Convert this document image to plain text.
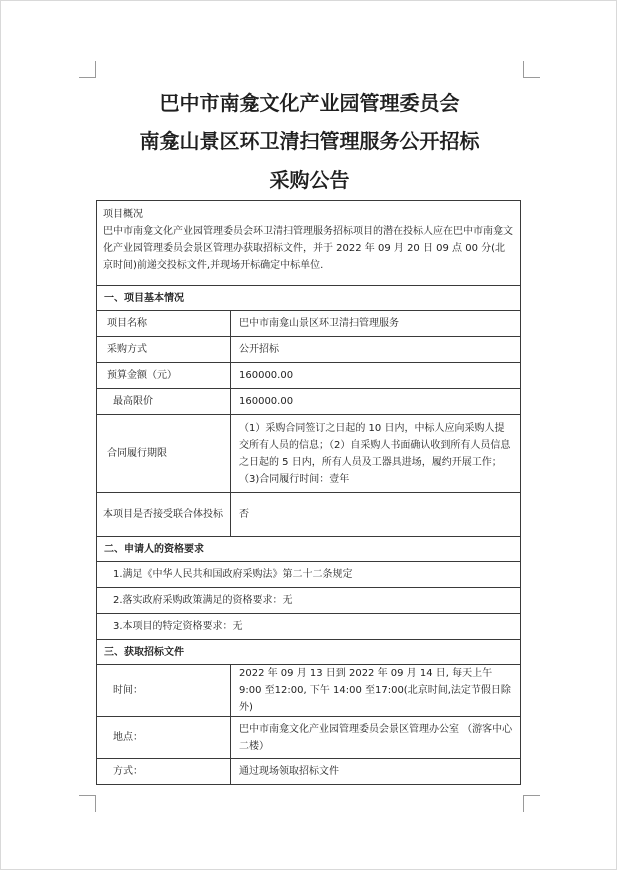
巴中市南龛文化产业园管理委员会
南龛山景区环卫清扫管理服务公开招标
采购公告
项目概况
巴中市南龛文化产业园管理委员会环卫清扫管理服务招标项目的潜在投标人应在巴中市南龛文化产业园管理委员会景区管理办获取招标文件，并于 2022 年 09 月 20 日 09 点 00 分(北京时间)前递交投标文件,并现场开标确定中标单位.	

一、项目基本情况	
项目名称	巴中市南龛山景区环卫清扫管理服务
采购方式	公开招标
预算金额（元）	160000.00
最高限价	160000.00
合同履行期限	（1）采购合同签订之日起的 10 日内，中标人应向采购人提交所有人员的信息；（2）自采购人书面确认收到所有人员信息之日起的 5 日内，所有人员及工器具进场，履约开展工作；（3)合同履行时间：壹年
本项目是否接受联合体投标	否
二、申请人的资格要求	
1.满足《中华人民共和国政府采购法》第二十二条规定	
2.落实政府采购政策满足的资格要求：无	
3.本项目的特定资格要求：无	
三、获取招标文件	
时间：	2022 年 09 月 13 日到 2022 年 09 月 14 日, 每天上午 9:00 至12:00, 下午 14:00 至17:00(北京时间,法定节假日除外)
地点：	巴中市南龛文化产业园管理委员会景区管理办公室 （游客中心二楼）
方式：	通过现场领取招标文件
